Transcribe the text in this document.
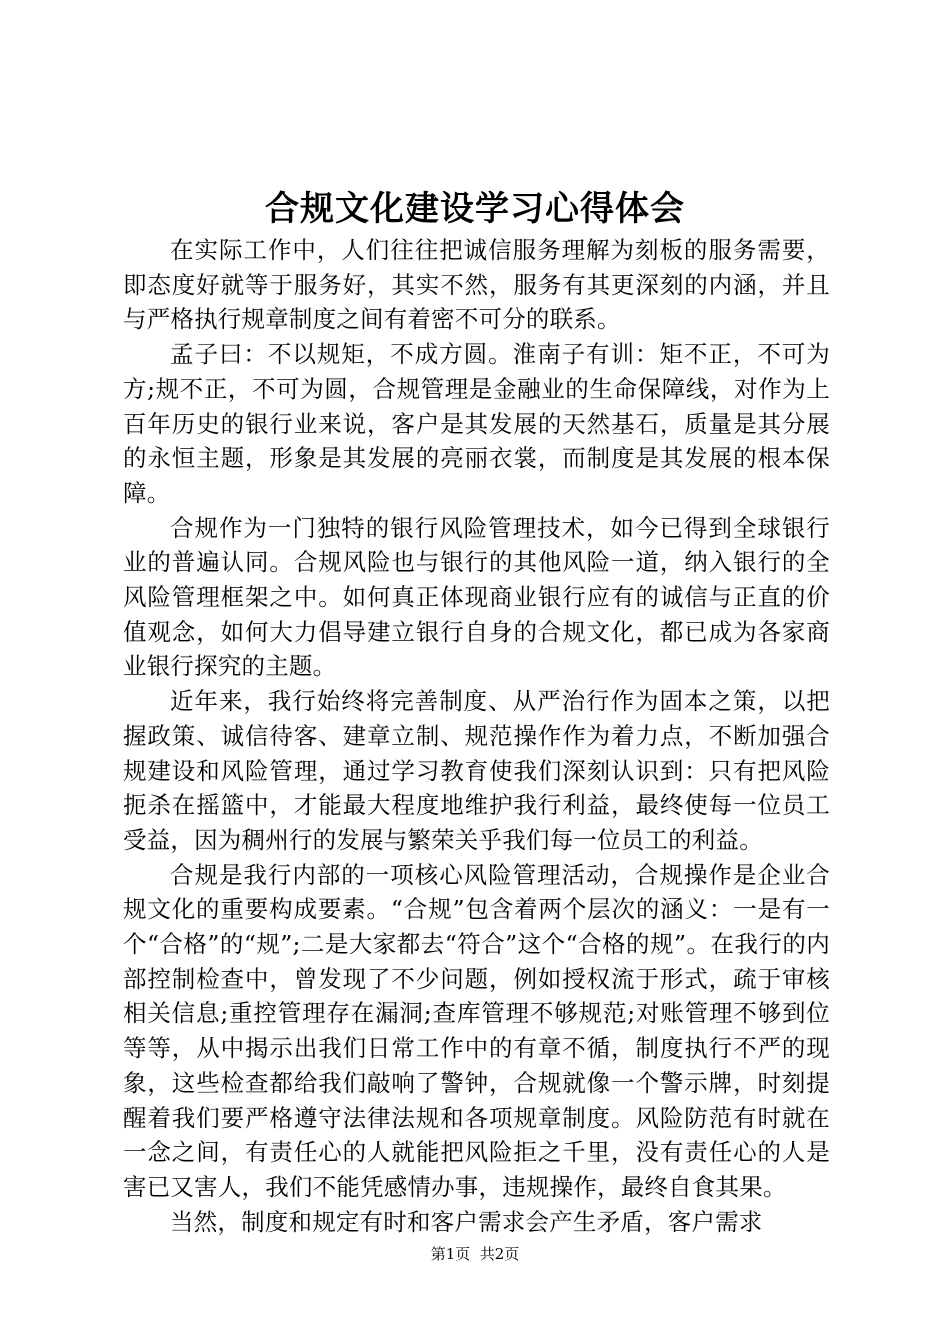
合规文化建设学习心得体会

在实际工作中，人们往往把诚信服务理解为刻板的服务需要，即态度好就等于服务好，其实不然，服务有其更深刻的内涵，并且与严格执行规章制度之间有着密不可分的联系。

孟子曰：不以规矩，不成方圆。淮南子有训：矩不正，不可为方;规不正，不可为圆，合规管理是金融业的生命保障线，对作为上百年历史的银行业来说，客户是其发展的天然基石，质量是其分展的永恒主题，形象是其发展的亮丽衣裳，而制度是其发展的根本保障。

合规作为一门独特的银行风险管理技术，如今已得到全球银行业的普遍认同。合规风险也与银行的其他风险一道，纳入银行的全风险管理框架之中。如何真正体现商业银行应有的诚信与正直的价值观念，如何大力倡导建立银行自身的合规文化，都已成为各家商业银行探究的主题。

近年来，我行始终将完善制度、从严治行作为固本之策，以把握政策、诚信待客、建章立制、规范操作作为着力点，不断加强合规建设和风险管理，通过学习教育使我们深刻认识到：只有把风险扼杀在摇篮中，才能最大程度地维护我行利益，最终使每一位员工受益，因为稠州行的发展与繁荣关乎我们每一位员工的利益。

合规是我行内部的一项核心风险管理活动，合规操作是企业合规文化的重要构成要素。“合规”包含着两个层次的涵义：一是有一个“合格”的“规”;二是大家都去“符合”这个“合格的规”。在我行的内部控制检查中，曾发现了不少问题，例如授权流于形式，疏于审核相关信息;重控管理存在漏洞;查库管理不够规范;对账管理不够到位等等，从中揭示出我们日常工作中的有章不循，制度执行不严的现象，这些检查都给我们敲响了警钟，合规就像一个警示牌，时刻提醒着我们要严格遵守法律法规和各项规章制度。风险防范有时就在一念之间，有责任心的人就能把风险拒之千里，没有责任心的人是害已又害人，我们不能凭感情办事，违规操作，最终自食其果。

当然，制度和规定有时和客户需求会产生矛盾，客户需求

第1页  共2页
